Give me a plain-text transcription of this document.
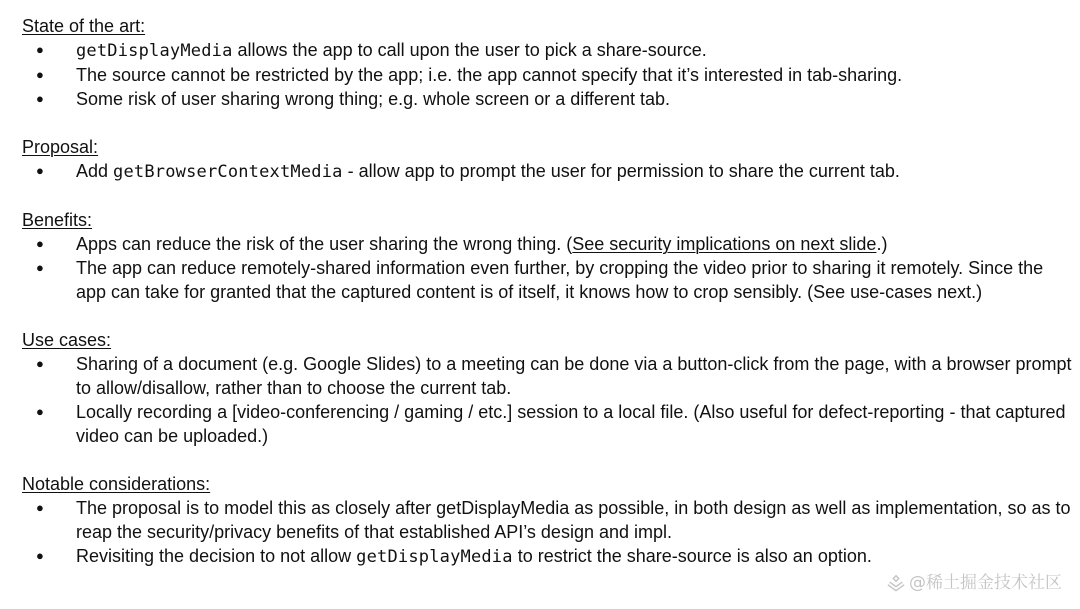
State of the art:
● getDisplayMedia allows the app to call upon the user to pick a share-source.
● The source cannot be restricted by the app; i.e. the app cannot specify that it’s interested in tab-sharing.
● Some risk of user sharing wrong thing; e.g. whole screen or a different tab.
Proposal:
● Add getBrowserContextMedia - allow app to prompt the user for permission to share the current tab.
Benefits:
● Apps can reduce the risk of the user sharing the wrong thing. (See security implications on next slide.)
● The app can reduce remotely-shared information even further, by cropping the video prior to sharing it remotely. Since the app can take for granted that the captured content is of itself, it knows how to crop sensibly. (See use-cases next.)
Use cases:
● Sharing of a document (e.g. Google Slides) to a meeting can be done via a button-click from the page, with a browser prompt to allow/disallow, rather than to choose the current tab.
● Locally recording a [video-conferencing / gaming / etc.] session to a local file. (Also useful for defect-reporting - that captured video can be uploaded.)
Notable considerations:
● The proposal is to model this as closely after getDisplayMedia as possible, in both design as well as implementation, so as to reap the security/privacy benefits of that established API’s design and impl.
● Revisiting the decision to not allow getDisplayMedia to restrict the share-source is also an option.
@稀土掘金技术社区
